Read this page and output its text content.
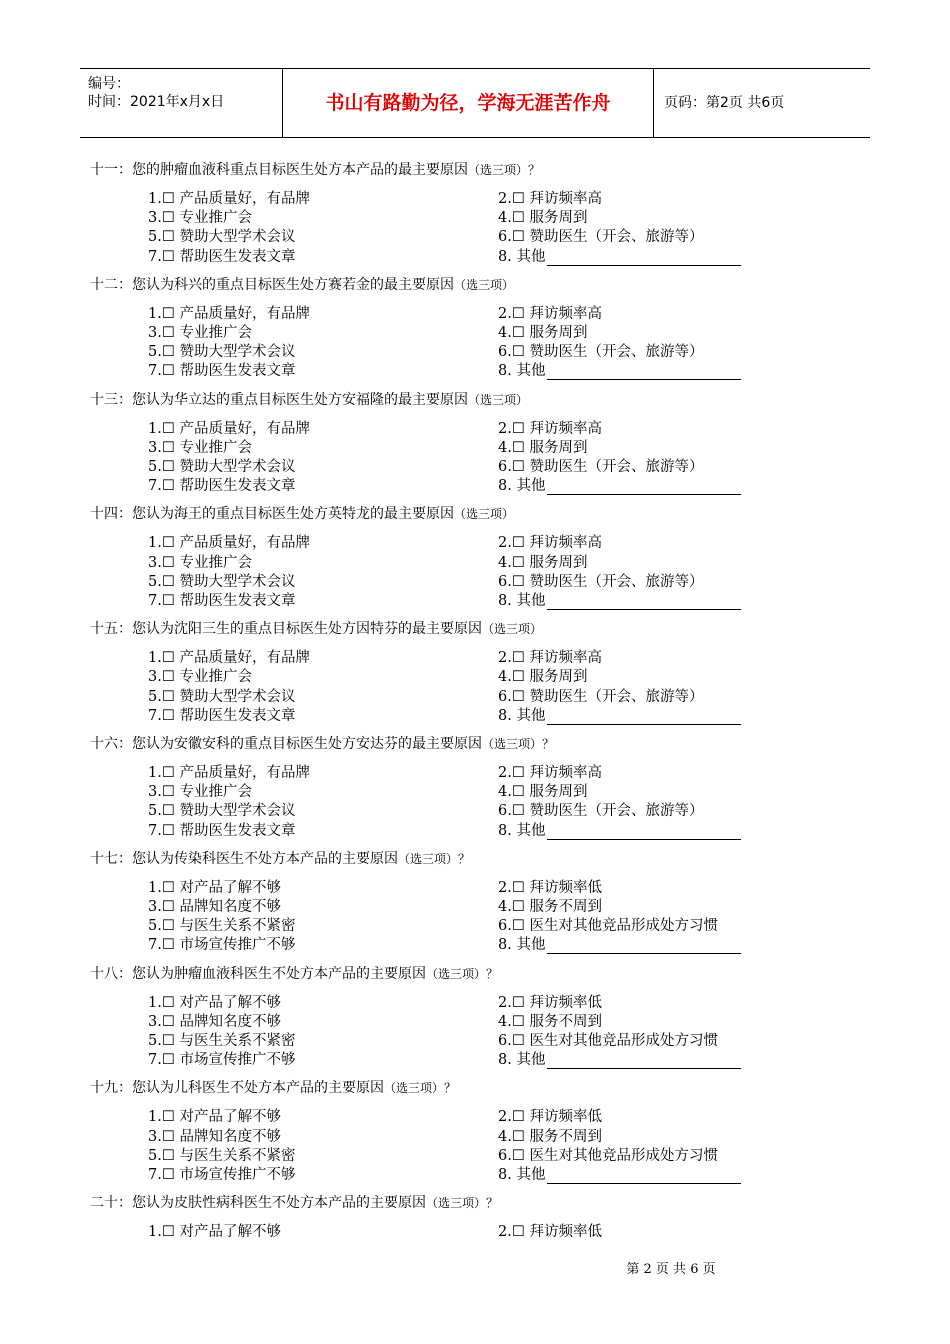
编号：
时间：2021年x月x日	书山有路勤为径，学海无涯苦作舟	页码：第2页 共6页
十一：您的肿瘤血液科重点目标医生处方本产品的最主要原因（选三项）？
1.☐ 产品质量好，有品牌	2.☐ 拜访频率高
3.☐ 专业推广会	4.☐ 服务周到
5.☐ 赞助大型学术会议	6.☐ 赞助医生（开会、旅游等）
7.☐ 帮助医生发表文章	8. 其他
十二：您认为科兴的重点目标医生处方赛若金的最主要原因（选三项）
1.☐ 产品质量好，有品牌	2.☐ 拜访频率高
3.☐ 专业推广会	4.☐ 服务周到
5.☐ 赞助大型学术会议	6.☐ 赞助医生（开会、旅游等）
7.☐ 帮助医生发表文章	8. 其他
十三：您认为华立达的重点目标医生处方安福隆的最主要原因（选三项）
1.☐ 产品质量好，有品牌	2.☐ 拜访频率高
3.☐ 专业推广会	4.☐ 服务周到
5.☐ 赞助大型学术会议	6.☐ 赞助医生（开会、旅游等）
7.☐ 帮助医生发表文章	8. 其他
十四：您认为海王的重点目标医生处方英特龙的最主要原因（选三项）
1.☐ 产品质量好，有品牌	2.☐ 拜访频率高
3.☐ 专业推广会	4.☐ 服务周到
5.☐ 赞助大型学术会议	6.☐ 赞助医生（开会、旅游等）
7.☐ 帮助医生发表文章	8. 其他
十五：您认为沈阳三生的重点目标医生处方因特芬的最主要原因（选三项）
1.☐ 产品质量好，有品牌	2.☐ 拜访频率高
3.☐ 专业推广会	4.☐ 服务周到
5.☐ 赞助大型学术会议	6.☐ 赞助医生（开会、旅游等）
7.☐ 帮助医生发表文章	8. 其他
十六：您认为安徽安科的重点目标医生处方安达芬的最主要原因（选三项）？
1.☐ 产品质量好，有品牌	2.☐ 拜访频率高
3.☐ 专业推广会	4.☐ 服务周到
5.☐ 赞助大型学术会议	6.☐ 赞助医生（开会、旅游等）
7.☐ 帮助医生发表文章	8. 其他
十七：您认为传染科医生不处方本产品的主要原因（选三项）？
1.☐ 对产品了解不够	2.☐ 拜访频率低
3.☐ 品牌知名度不够	4.☐ 服务不周到
5.☐ 与医生关系不紧密	6.☐ 医生对其他竞品形成处方习惯
7.☐ 市场宣传推广不够	8. 其他
十八：您认为肿瘤血液科医生不处方本产品的主要原因（选三项）？
1.☐ 对产品了解不够	2.☐ 拜访频率低
3.☐ 品牌知名度不够	4.☐ 服务不周到
5.☐ 与医生关系不紧密	6.☐ 医生对其他竞品形成处方习惯
7.☐ 市场宣传推广不够	8. 其他
十九：您认为儿科医生不处方本产品的主要原因（选三项）？
1.☐ 对产品了解不够	2.☐ 拜访频率低
3.☐ 品牌知名度不够	4.☐ 服务不周到
5.☐ 与医生关系不紧密	6.☐ 医生对其他竞品形成处方习惯
7.☐ 市场宣传推广不够	8. 其他
二十：您认为皮肤性病科医生不处方本产品的主要原因（选三项）？
1.☐ 对产品了解不够	2.☐ 拜访频率低
第 2 页 共 6 页
